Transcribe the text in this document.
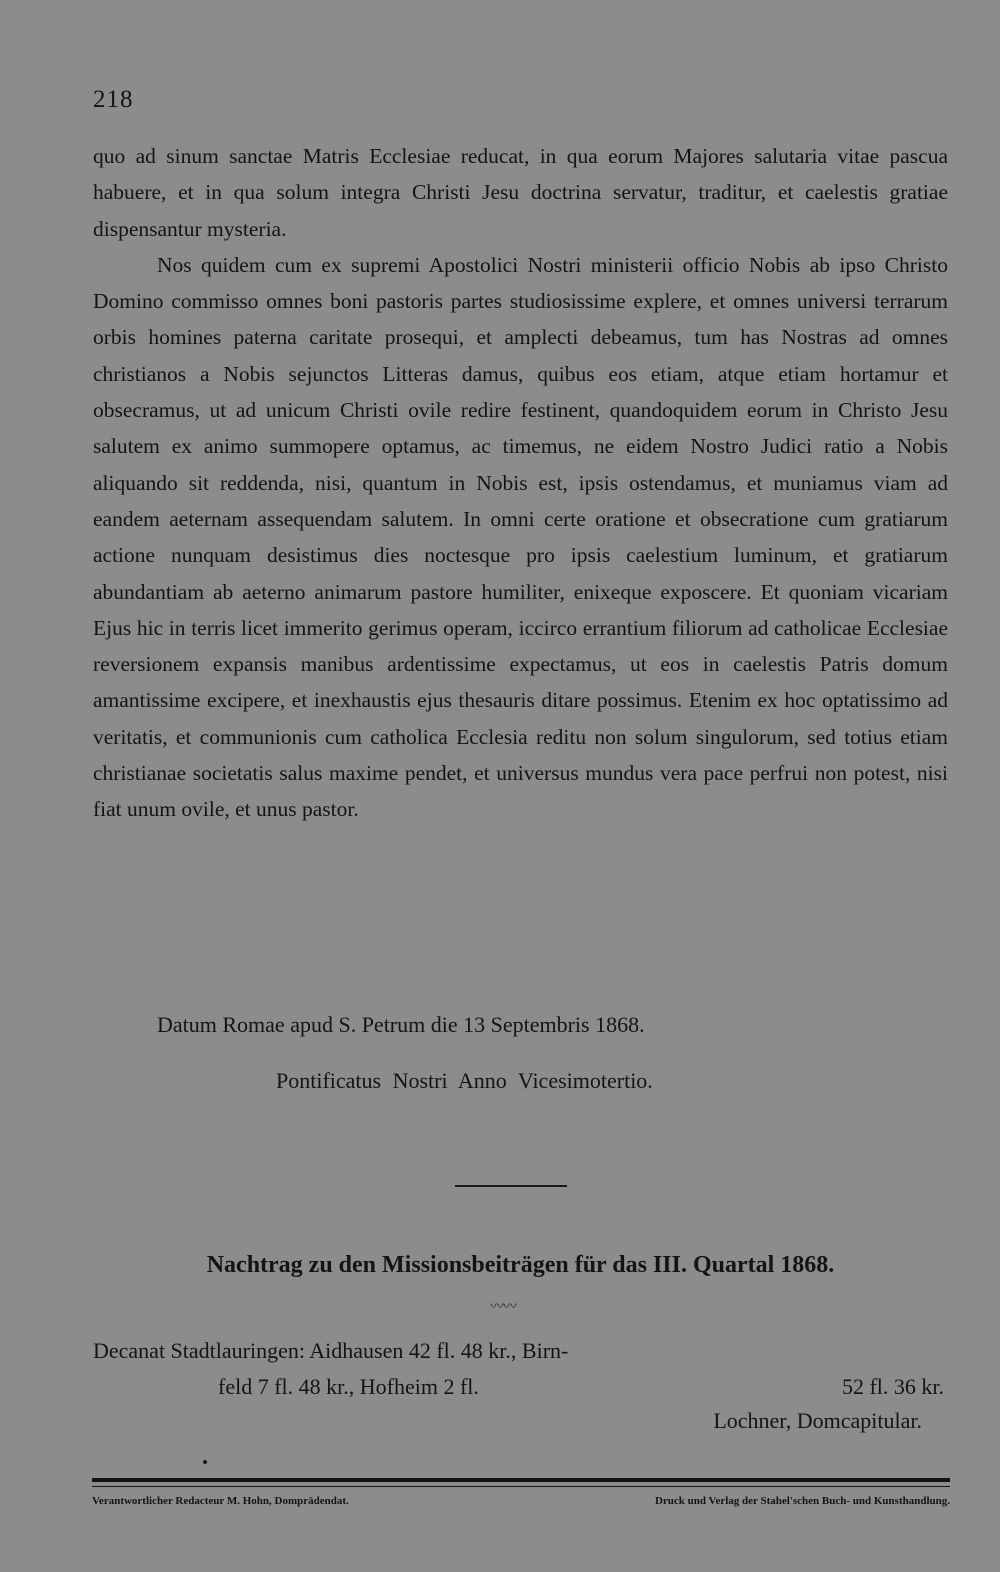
218

quo ad sinum sanctae Matris Ecclesiae reducat, in qua eorum Majores salutaria vitae pascua habuere, et in qua solum integra Christi Jesu doctrina servatur, traditur, et caelestis gratiae dispensantur mysteria.

Nos quidem cum ex supremi Apostolici Nostri ministerii officio Nobis ab ipso Christo Domino commisso omnes boni pastoris partes studiosissime explere, et omnes universi terrarum orbis homines paterna caritate prosequi, et amplecti debeamus, tum has Nostras ad omnes christianos a Nobis sejunctos Litteras damus, quibus eos etiam, atque etiam hortamur et obsecramus, ut ad unicum Christi ovile redire festinent, quandoquidem eorum in Christo Jesu salutem ex animo summopere optamus, ac timemus, ne eidem Nostro Judici ratio a Nobis aliquando sit reddenda, nisi, quantum in Nobis est, ipsis ostendamus, et muniamus viam ad eandem aeternam assequendam salutem. In omni certe oratione et obsecratione cum gratiarum actione nunquam desistimus dies noctesque pro ipsis caelestium luminum, et gratiarum abundantiam ab aeterno animarum pastore humiliter, enixeque exposcere. Et quoniam vicariam Ejus hic in terris licet immerito gerimus operam, iccirco errantium filiorum ad catholicae Ecclesiae reversionem expansis manibus ardentissime expectamus, ut eos in caelestis Patris domum amantissime excipere, et inexhaustis ejus thesauris ditare possimus. Etenim ex hoc optatissimo ad veritatis, et communionis cum catholica Ecclesia reditu non solum singulorum, sed totius etiam christianae societatis salus maxime pendet, et universus mundus vera pace perfrui non potest, nisi fiat unum ovile, et unus pastor.

Datum Romae apud S. Petrum die 13 Septembris 1868.
Pontificatus Nostri Anno Vicesimotertio.
Nachtrag zu den Missionsbeiträgen für das III. Quartal 1868.
〰〰
Decanat Stadtlauringen: Aidhausen 42 fl. 48 kr., Birn-
feld 7 fl. 48 kr., Hofheim 2 fl.	52 fl. 36 kr.
Lochner, Domcapitular.
Verantwortlicher Redacteur M. Hohn, Domprädendat.	Druck und Verlag der Stahel'schen Buch- und Kunsthandlung.
